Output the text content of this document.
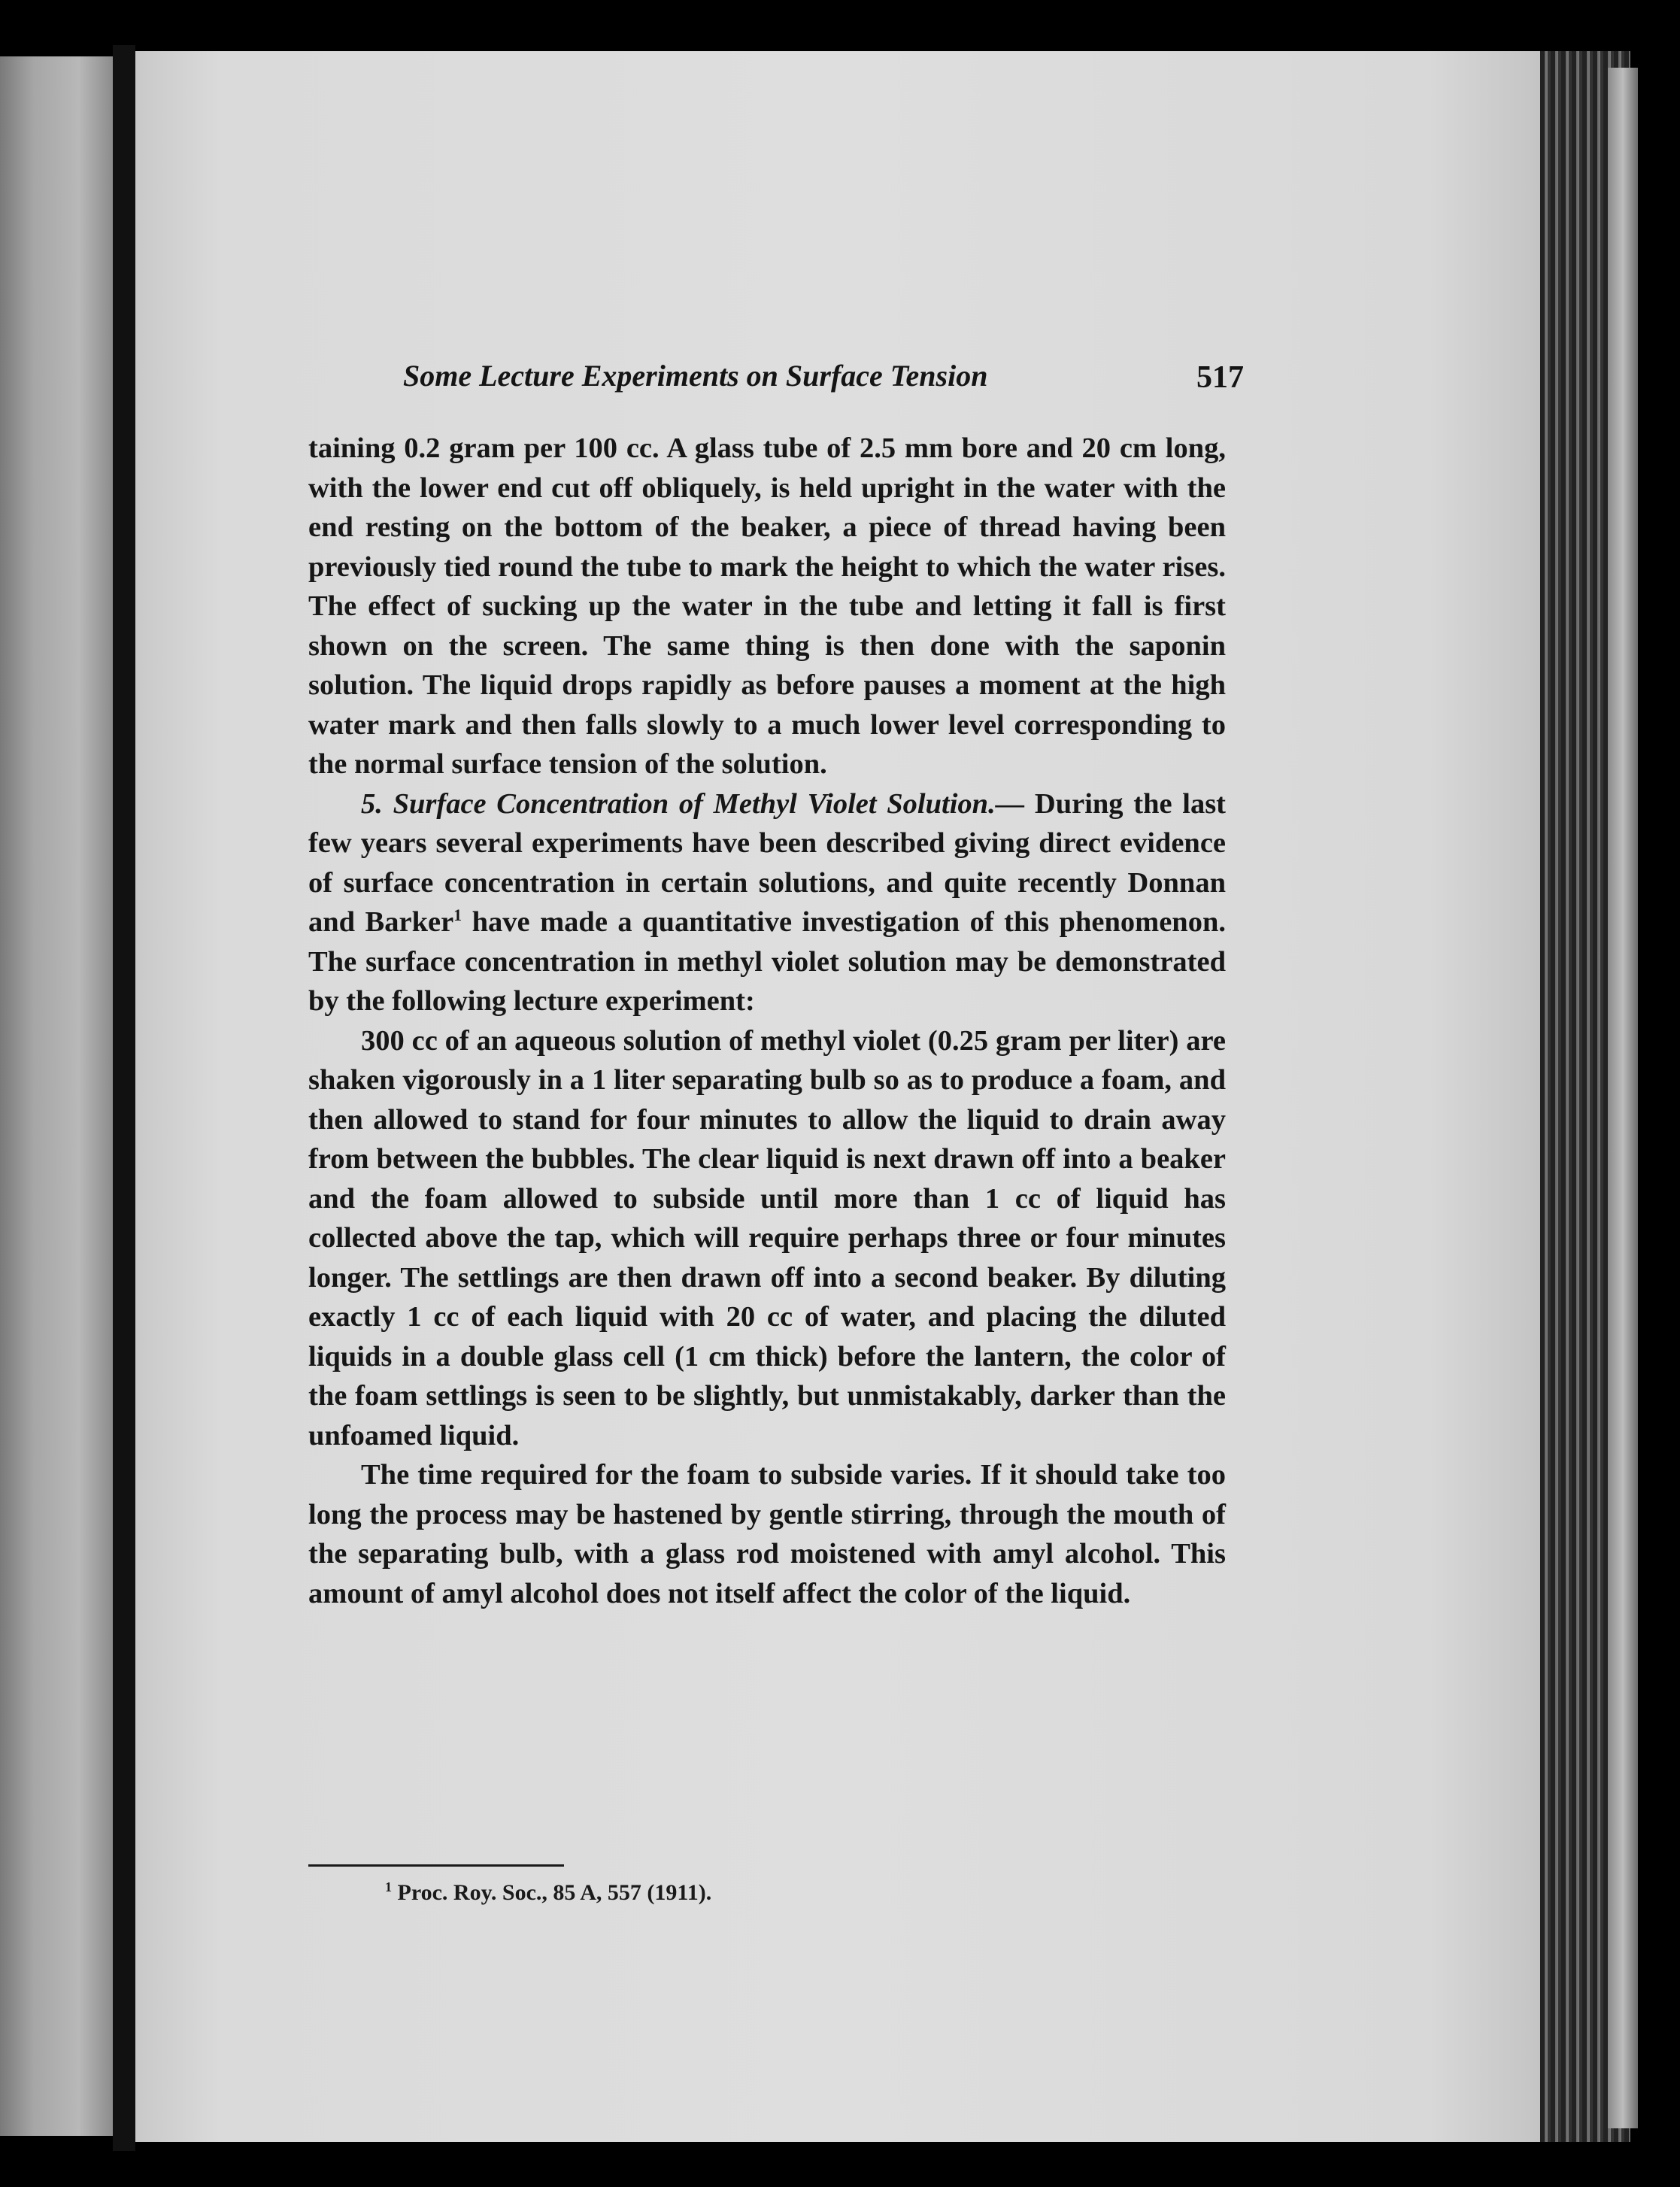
Some Lecture Experiments on Surface Tension	517

taining 0.2 gram per 100 cc. A glass tube of 2.5 mm bore and 20 cm long, with the lower end cut off obliquely, is held upright in the water with the end resting on the bottom of the beaker, a piece of thread having been previously tied round the tube to mark the height to which the water rises. The effect of sucking up the water in the tube and letting it fall is first shown on the screen. The same thing is then done with the saponin solution. The liquid drops rapidly as before pauses a moment at the high water mark and then falls slowly to a much lower level corresponding to the normal surface tension of the solution.

5. Surface Concentration of Methyl Violet Solution.— During the last few years several experiments have been described giving direct evidence of surface concentration in certain solutions, and quite recently Donnan and Barker$^1$ have made a quantitative investigation of this phenomenon. The surface concentration in methyl violet solution may be demonstrated by the following lecture experiment:

300 cc of an aqueous solution of methyl violet (0.25 gram per liter) are shaken vigorously in a 1 liter separating bulb so as to produce a foam, and then allowed to stand for four minutes to allow the liquid to drain away from between the bubbles. The clear liquid is next drawn off into a beaker and the foam allowed to subside until more than 1 cc of liquid has collected above the tap, which will require perhaps three or four minutes longer. The settlings are then drawn off into a second beaker. By diluting exactly 1 cc of each liquid with 20 cc of water, and placing the diluted liquids in a double glass cell (1 cm thick) before the lantern, the color of the foam settlings is seen to be slightly, but unmistakably, darker than the unfoamed liquid.

The time required for the foam to subside varies. If it should take too long the process may be hastened by gentle stirring, through the mouth of the separating bulb, with a glass rod moistened with amyl alcohol. This amount of amyl alcohol does not itself affect the color of the liquid.

$^1$ Proc. Roy. Soc., 85 A, 557 (1911).
